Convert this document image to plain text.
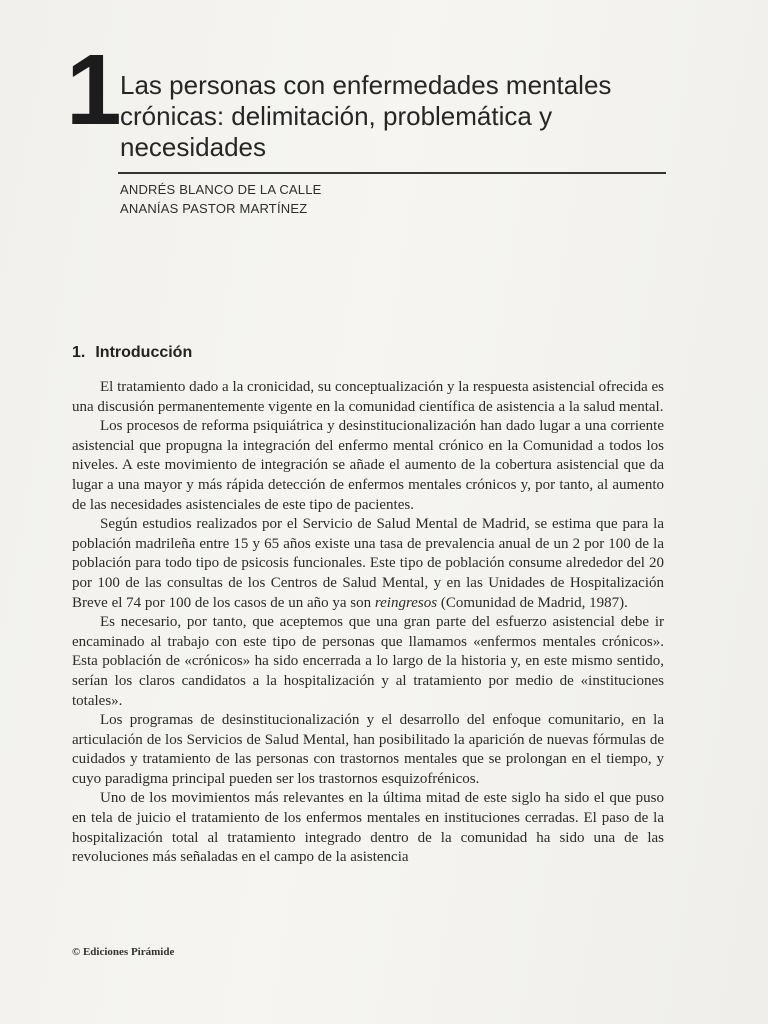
1
Las personas con enfermedades mentales crónicas: delimitación, problemática y necesidades
ANDRÉS BLANCO DE LA CALLE
ANANÍAS PASTOR MARTÍNEZ
1. Introducción

El tratamiento dado a la cronicidad, su conceptualización y la respuesta asistencial ofrecida es una discusión permanentemente vigente en la comunidad científica de asistencia a la salud mental.

Los procesos de reforma psiquiátrica y desinstitucionalización han dado lugar a una corriente asistencial que propugna la integración del enfermo mental crónico en la Comunidad a todos los niveles. A este movimiento de integración se añade el aumento de la cobertura asistencial que da lugar a una mayor y más rápida detección de enfermos mentales crónicos y, por tanto, al aumento de las necesidades asistenciales de este tipo de pacientes.

Según estudios realizados por el Servicio de Salud Mental de Madrid, se estima que para la población madrileña entre 15 y 65 años existe una tasa de prevalencia anual de un 2 por 100 de la población para todo tipo de psicosis funcionales. Este tipo de población consume alrededor del 20 por 100 de las consultas de los Centros de Salud Mental, y en las Unidades de Hospitalización Breve el 74 por 100 de los casos de un año ya son reingresos (Comunidad de Madrid, 1987).

Es necesario, por tanto, que aceptemos que una gran parte del esfuerzo asistencial debe ir encaminado al trabajo con este tipo de personas que llamamos «enfermos mentales crónicos». Esta población de «crónicos» ha sido encerrada a lo largo de la historia y, en este mismo sentido, serían los claros candidatos a la hospitalización y al tratamiento por medio de «instituciones totales».

Los programas de desinstitucionalización y el desarrollo del enfoque comunitario, en la articulación de los Servicios de Salud Mental, han posibilitado la aparición de nuevas fórmulas de cuidados y tratamiento de las personas con trastornos mentales que se prolongan en el tiempo, y cuyo paradigma principal pueden ser los trastornos esquizofrénicos.

Uno de los movimientos más relevantes en la última mitad de este siglo ha sido el que puso en tela de juicio el tratamiento de los enfermos mentales en instituciones cerradas. El paso de la hospitalización total al tratamiento integrado dentro de la comunidad ha sido una de las revoluciones más señaladas en el campo de la asistencia

© Ediciones Pirámide
